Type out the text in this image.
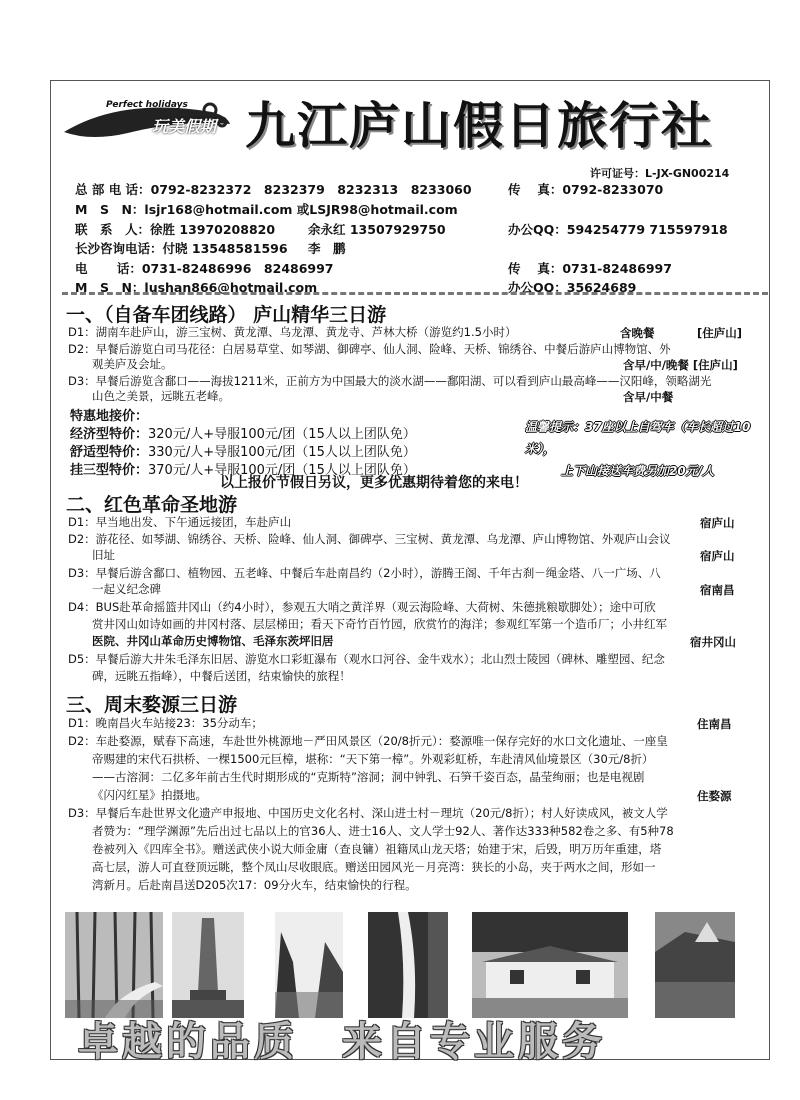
Perfect holidays
玩美假期 九江庐山假日旅行社
许可证号：L-JX-GN00214
总 部 电 话：0792-8232372　8232379　8232313　8233060	传　 真：0792-8233070
M　S　N：lsjr168@hotmail.com 或LSJR98@hotmail.com
联　系　人：徐胜 13970208820	余永红 13507929750	办公QQ：594254779 715597918
长沙咨询电话：付晓 13548581596 李　鹏
电　　 话：0731-82486996　82486997	传　 真：0731-82486997
M　S　N：lushan866@hotmail.com	办公QQ：35624689
一、（自备车团线路） 庐山精华三日游
D1：湖南车赴庐山，游三宝树、黄龙潭、乌龙潭、黄龙寺、芦林大桥（游览约1.5小时）	含晚餐	[住庐山]
D2：早餐后游览白司马花径：白居易草堂、如琴湖、御碑亭、仙人洞、险峰、天桥、锦绣谷、中餐后游庐山博物馆、外
观美庐及会址。	含早/中/晚餐 [住庐山]
D3：早餐后游览含鄱口——海拔1211米，正前方为中国最大的淡水湖——鄱阳湖、可以看到庐山最高峰——汉阳峰，领略湖光
山色之美景，远眺五老峰。	含早/中餐
特惠地接价：
经济型特价：320元/人+导服100元/团（15人以上团队免）
舒适型特价：330元/人+导服100元/团（15人以上团队免）
挂三型特价：370元/人+导服100元/团（15人以上团队免）
温馨提示：37座以上自驾车（车长超过10米），
上下山接送车费另加20元/人
以上报价节假日另议，更多优惠期待着您的来电！
二、红色革命圣地游
D1：早当地出发、下午通远接团，车赴庐山	宿庐山
D2：游花径、如琴湖、锦绣谷、天桥、险峰、仙人洞、御碑亭、三宝树、黄龙潭、乌龙潭、庐山博物馆、外观庐山会议
旧址	宿庐山
D3：早餐后游含鄱口、植物园、五老峰、中餐后车赴南昌约（2小时），游腾王阁、千年古刹－绳金塔、八一广场、八
一起义纪念碑	宿南昌
D4：BUS赴革命摇篮井冈山（约4小时），参观五大哨之黄洋界（观云海险峰、大荷树、朱德挑粮歇脚处）；途中可欣
赏井冈山如诗如画的井冈村落、层层梯田；看天下奇竹百竹园，欣赏竹的海洋；参观红军第一个造币厂；小井红军
医院、井冈山革命历史博物馆、毛泽东茨坪旧居	宿井冈山
D5：早餐后游大井朱毛泽东旧居、游览水口彩虹瀑布（观水口河谷、金牛戏水）；北山烈士陵园（碑林、雕塑园、纪念
碑，远眺五指峰），中餐后送团，结束愉快的旅程！
三、周末婺源三日游
D1：晚南昌火车站接23：35分动车；	住南昌
D2：车赴婺源，赋春下高速，车赴世外桃源地－严田风景区（20/8折元）：婺源唯一保存完好的水口文化遗址、一座皇
帝赐建的宋代石拱桥、一棵1500元巨樟，堪称：“天下第一樟”。外观彩虹桥，车赴清风仙境景区（30元/8折）
——古溶洞：二亿多年前古生代时期形成的“克斯特”溶洞；洞中钟乳、石笋千姿百态，晶莹绚丽；也是电视剧
《闪闪红星》拍摄地。	住婺源
D3：早餐后车赴世界文化遗产申报地、中国历史文化名村、深山进士村－理坑（20元/8折）；村人好读成风，被文人学
者赞为：“理学渊源”先后出过七品以上的官36人、进士16人、文人学士92人、著作达333种582卷之多、有5种78
卷被列入《四库全书》。赠送武侠小说大师金庸（查良镛）祖籍凤山龙天塔；始建于宋，后毁，明万历年重建，塔
高七层，游人可直登顶远眺，整个凤山尽收眼底。赠送田园风光－月亮湾：狭长的小岛，夹于两水之间，形如一
湾新月。后赴南昌送D205次17：09分火车，结束愉快的行程。
卓越的品质　来自专业服务
